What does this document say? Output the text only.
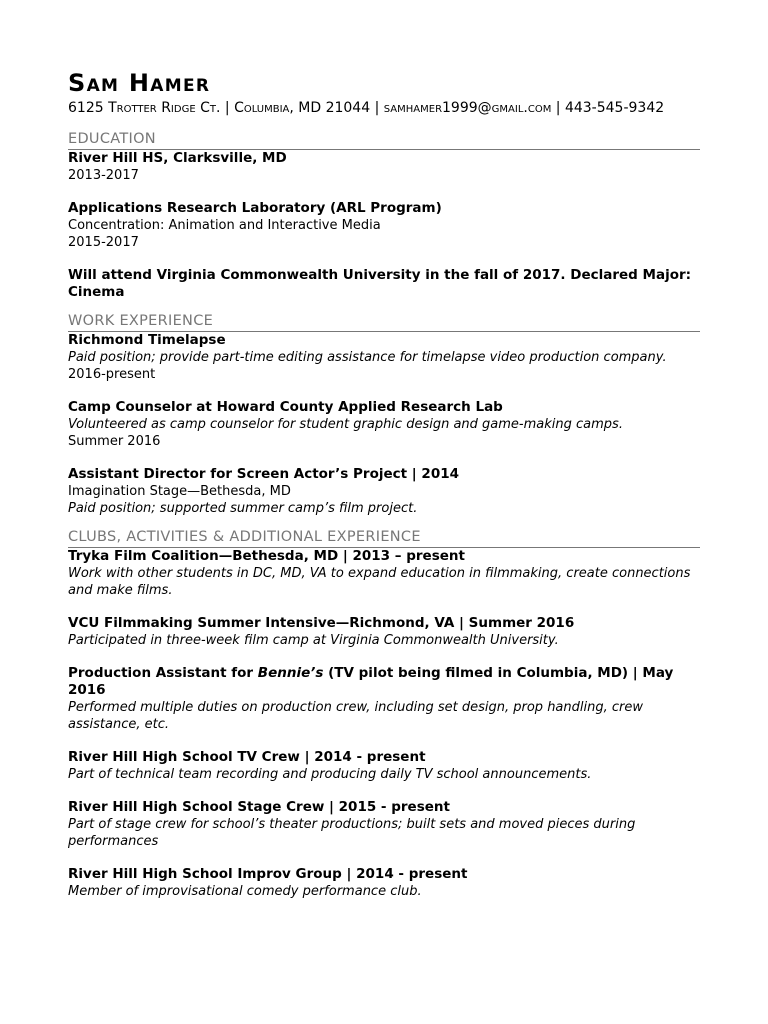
Sam Hamer
6125 Trotter Ridge Ct. | Columbia, MD 21044 | samhamer1999@gmail.com | 443-545-9342
EDUCATION
River Hill HS, Clarksville, MD
2013-2017
Applications Research Laboratory (ARL Program)
Concentration: Animation and Interactive Media
2015-2017
Will attend Virginia Commonwealth University in the fall of 2017. Declared Major: Cinema
WORK EXPERIENCE
Richmond Timelapse
Paid position; provide part-time editing assistance for timelapse video production company.
2016-present
Camp Counselor at Howard County Applied Research Lab
Volunteered as camp counselor for student graphic design and game-making camps.
Summer 2016
Assistant Director for Screen Actor’s Project | 2014
Imagination Stage—Bethesda, MD
Paid position; supported summer camp’s film project.
CLUBS, ACTIVITIES & ADDITIONAL EXPERIENCE
Tryka Film Coalition—Bethesda, MD | 2013 – present
Work with other students in DC, MD, VA to expand education in filmmaking, create connections and make films.
VCU Filmmaking Summer Intensive—Richmond, VA | Summer 2016
Participated in three-week film camp at Virginia Commonwealth University.
Production Assistant for Bennie’s (TV pilot being filmed in Columbia, MD) | May 2016
Performed multiple duties on production crew, including set design, prop handling, crew assistance, etc.
River Hill High School TV Crew | 2014 - present
Part of technical team recording and producing daily TV school announcements.
River Hill High School Stage Crew | 2015 - present
Part of stage crew for school’s theater productions; built sets and moved pieces during performances
River Hill High School Improv Group | 2014 - present
Member of improvisational comedy performance club.
